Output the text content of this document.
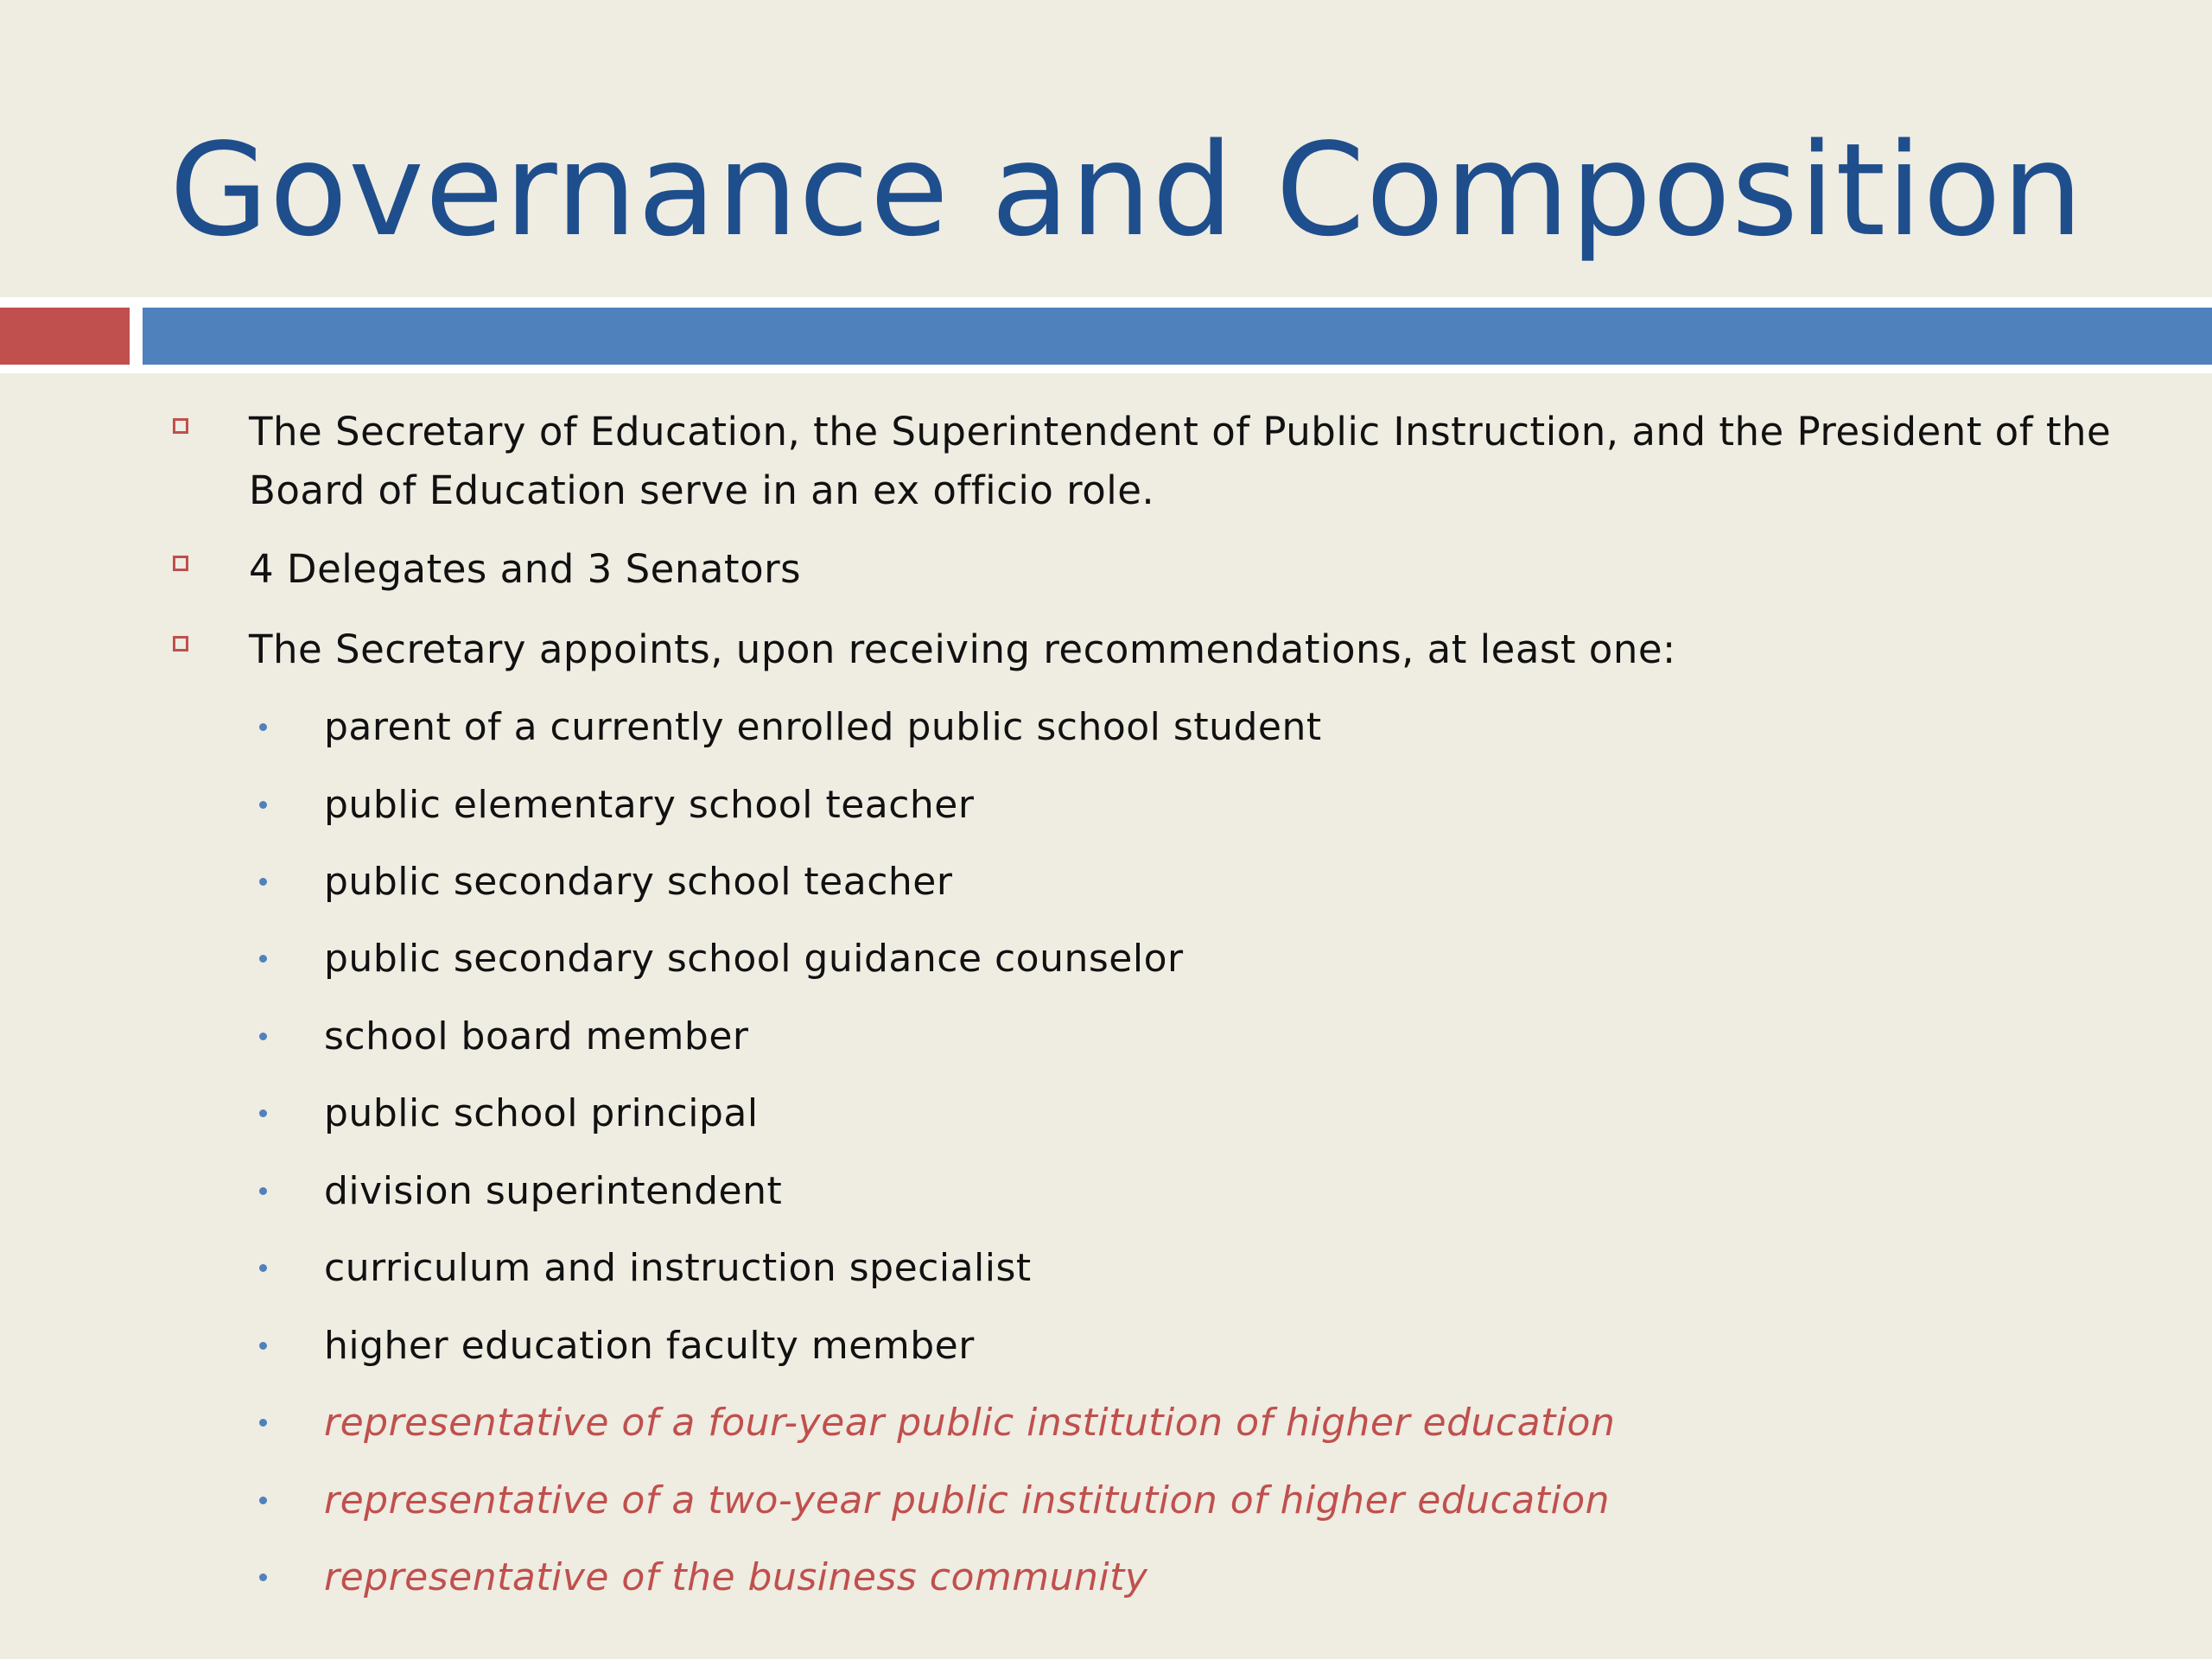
Governance and Composition
The Secretary of Education, the Superintendent of Public Instruction, and the President of the Board of Education serve in an ex officio role.
4 Delegates and 3 Senators
The Secretary appoints, upon receiving recommendations, at least one:
parent of a currently enrolled public school student
public elementary school teacher
public secondary school teacher
public secondary school guidance counselor
school board member
public school principal
division superintendent
curriculum and instruction specialist
higher education faculty member
representative of a four-year public institution of higher education
representative of a two-year public institution of higher education
representative of the business community
